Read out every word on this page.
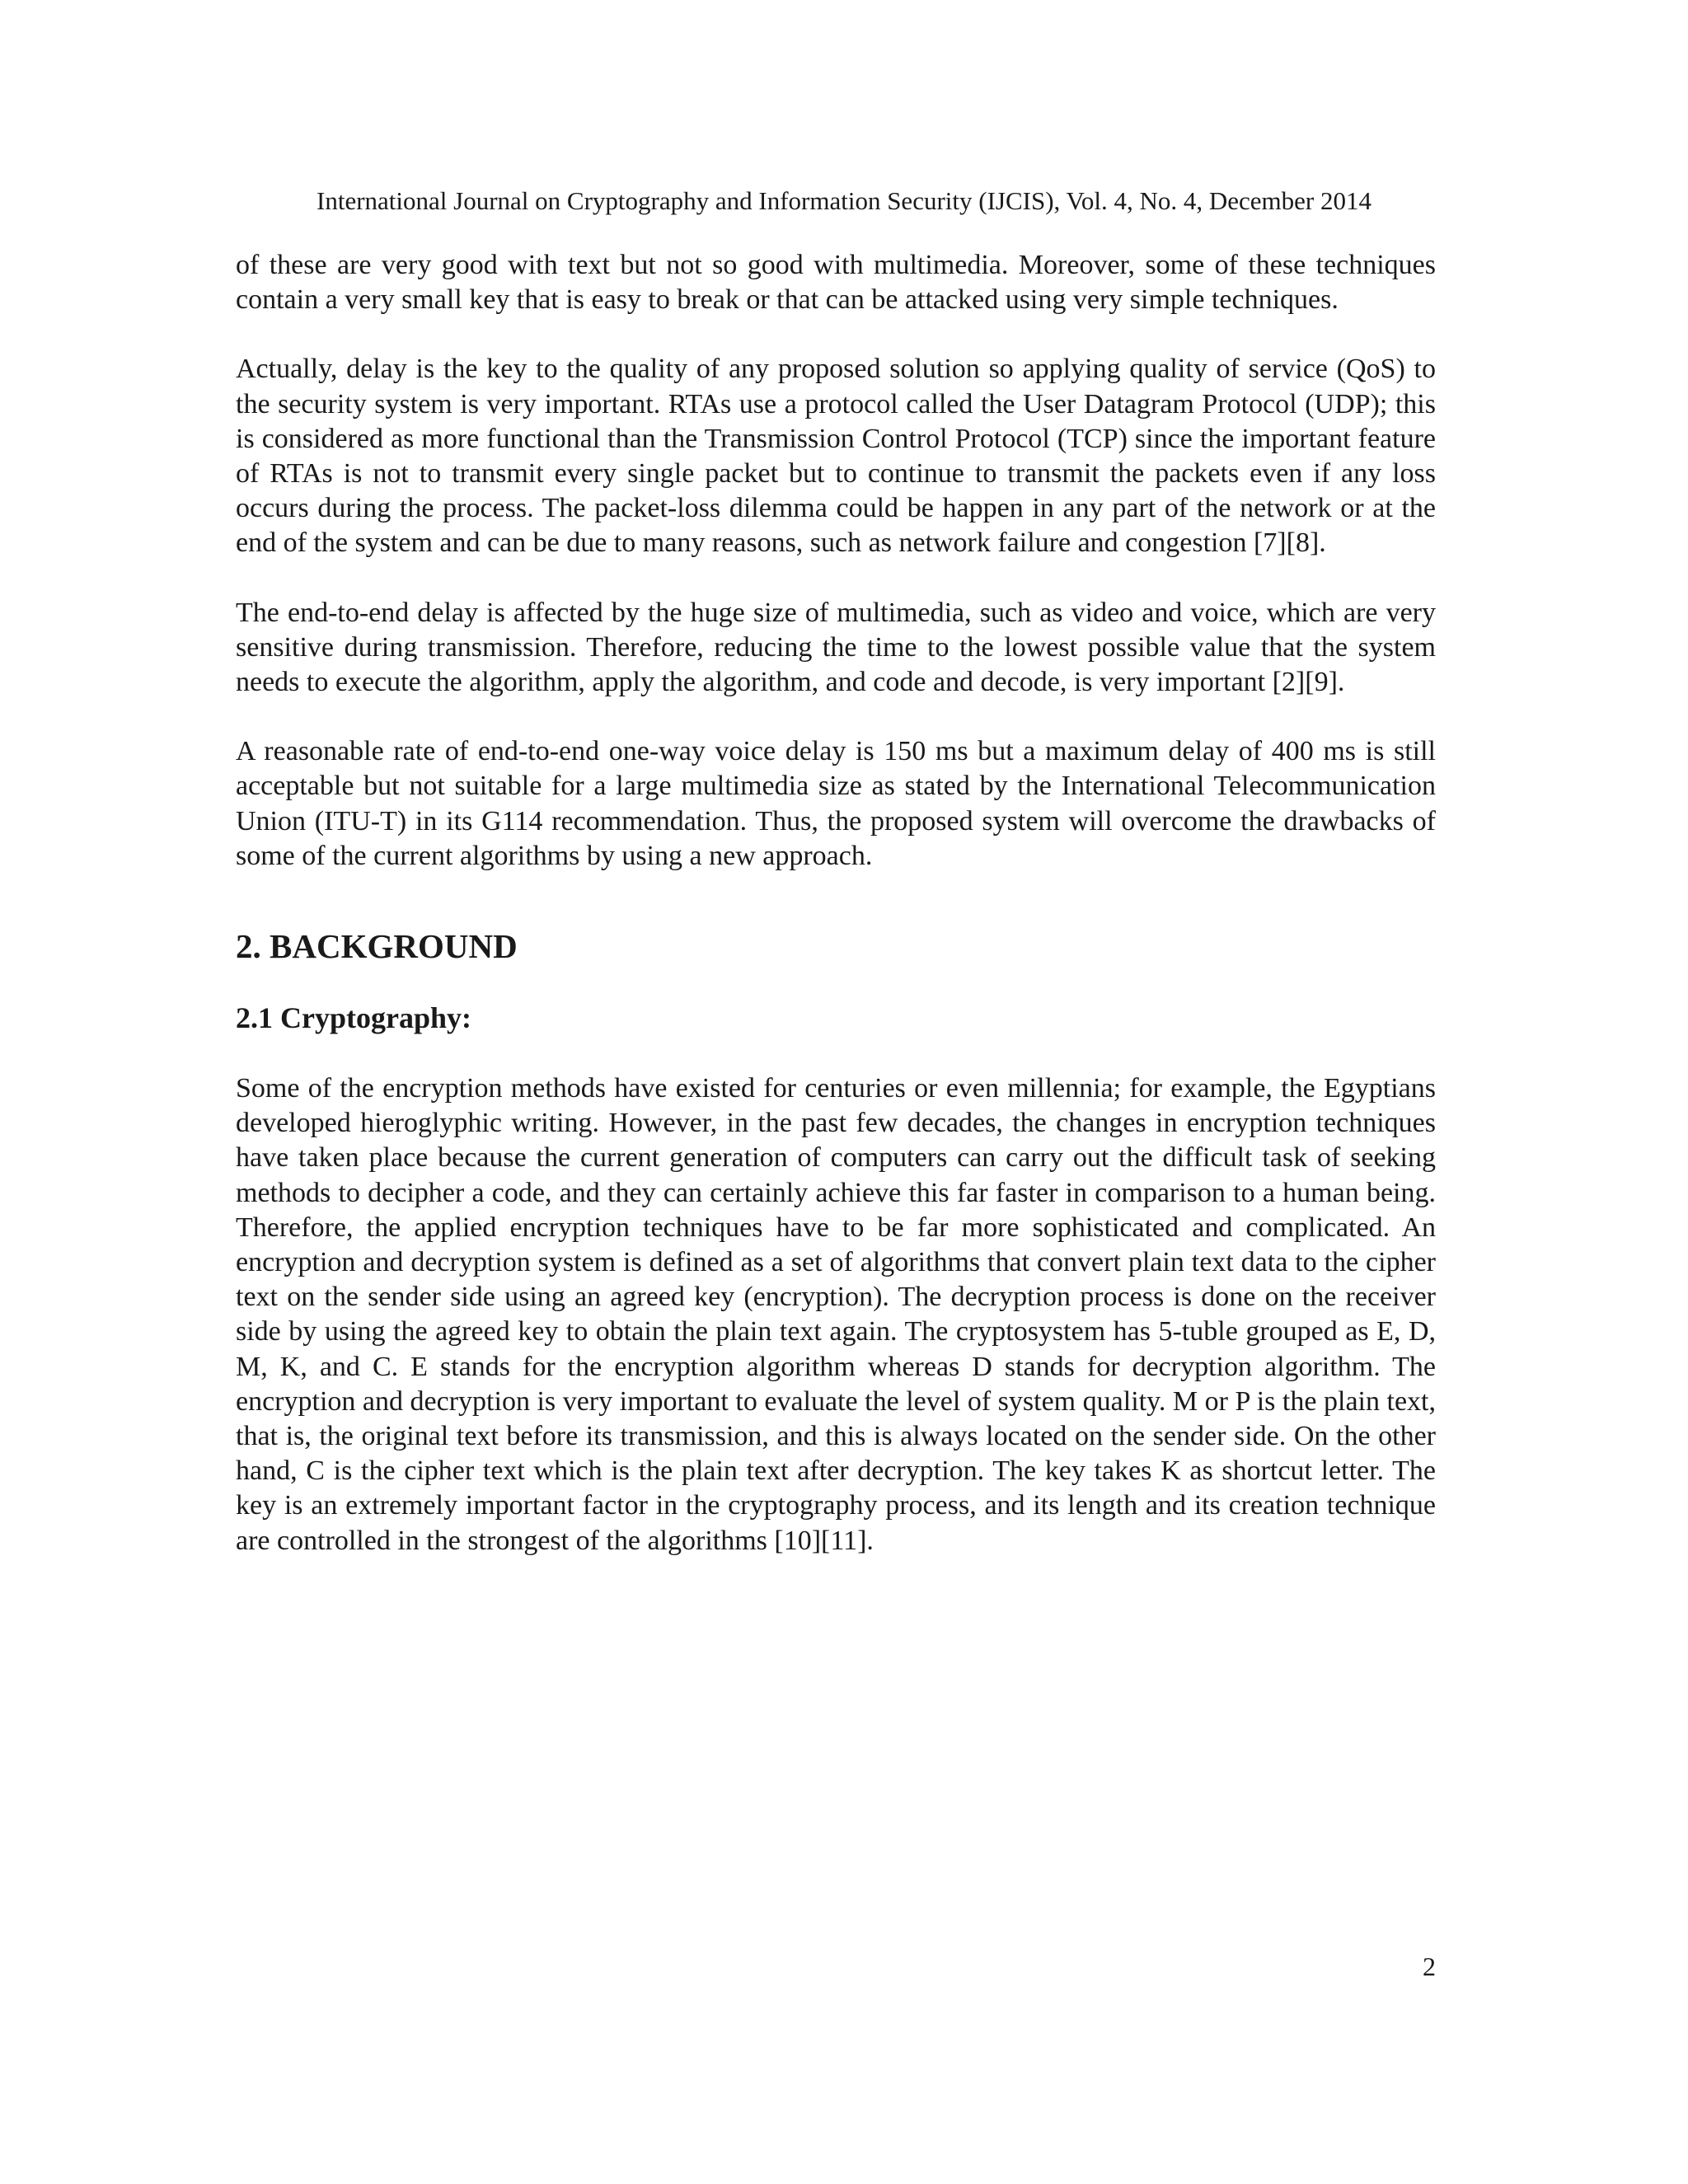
International Journal on Cryptography and Information Security (IJCIS), Vol. 4, No. 4, December 2014

of these are very good with text but not so good with multimedia. Moreover, some of these techniques contain a very small key that is easy to break or that can be attacked using very simple techniques.

Actually, delay is the key to the quality of any proposed solution so applying quality of service (QoS) to the security system is very important. RTAs use a protocol called the User Datagram Protocol (UDP); this is considered as more functional than the Transmission Control Protocol (TCP) since the important feature of RTAs is not to transmit every single packet but to continue to transmit the packets even if any loss occurs during the process. The packet-loss dilemma could be happen in any part of the network or at the end of the system and can be due to many reasons, such as network failure and congestion [7][8].

The end-to-end delay is affected by the huge size of multimedia, such as video and voice, which are very sensitive during transmission. Therefore, reducing the time to the lowest possible value that the system needs to execute the algorithm, apply the algorithm, and code and decode, is very important [2][9].

A reasonable rate of end-to-end one-way voice delay is 150 ms but a maximum delay of 400 ms is still acceptable but not suitable for a large multimedia size as stated by the International Telecommunication Union (ITU-T) in its G114 recommendation. Thus, the proposed system will overcome the drawbacks of some of the current algorithms by using a new approach.

2. BACKGROUND
2.1 Cryptography:

Some of the encryption methods have existed for centuries or even millennia; for example, the Egyptians developed hieroglyphic writing. However, in the past few decades, the changes in encryption techniques have taken place because the current generation of computers can carry out the difficult task of seeking methods to decipher a code, and they can certainly achieve this far faster in comparison to a human being. Therefore, the applied encryption techniques have to be far more sophisticated and complicated. An encryption and decryption system is defined as a set of algorithms that convert plain text data to the cipher text on the sender side using an agreed key (encryption). The decryption process is done on the receiver side by using the agreed key to obtain the plain text again. The cryptosystem has 5-tuble grouped as E, D, M, K, and C. E stands for the encryption algorithm whereas D stands for decryption algorithm. The encryption and decryption is very important to evaluate the level of system quality. M or P is the plain text, that is, the original text before its transmission, and this is always located on the sender side. On the other hand, C is the cipher text which is the plain text after decryption. The key takes K as shortcut letter. The key is an extremely important factor in the cryptography process, and its length and its creation technique are controlled in the strongest of the algorithms [10][11].

2
